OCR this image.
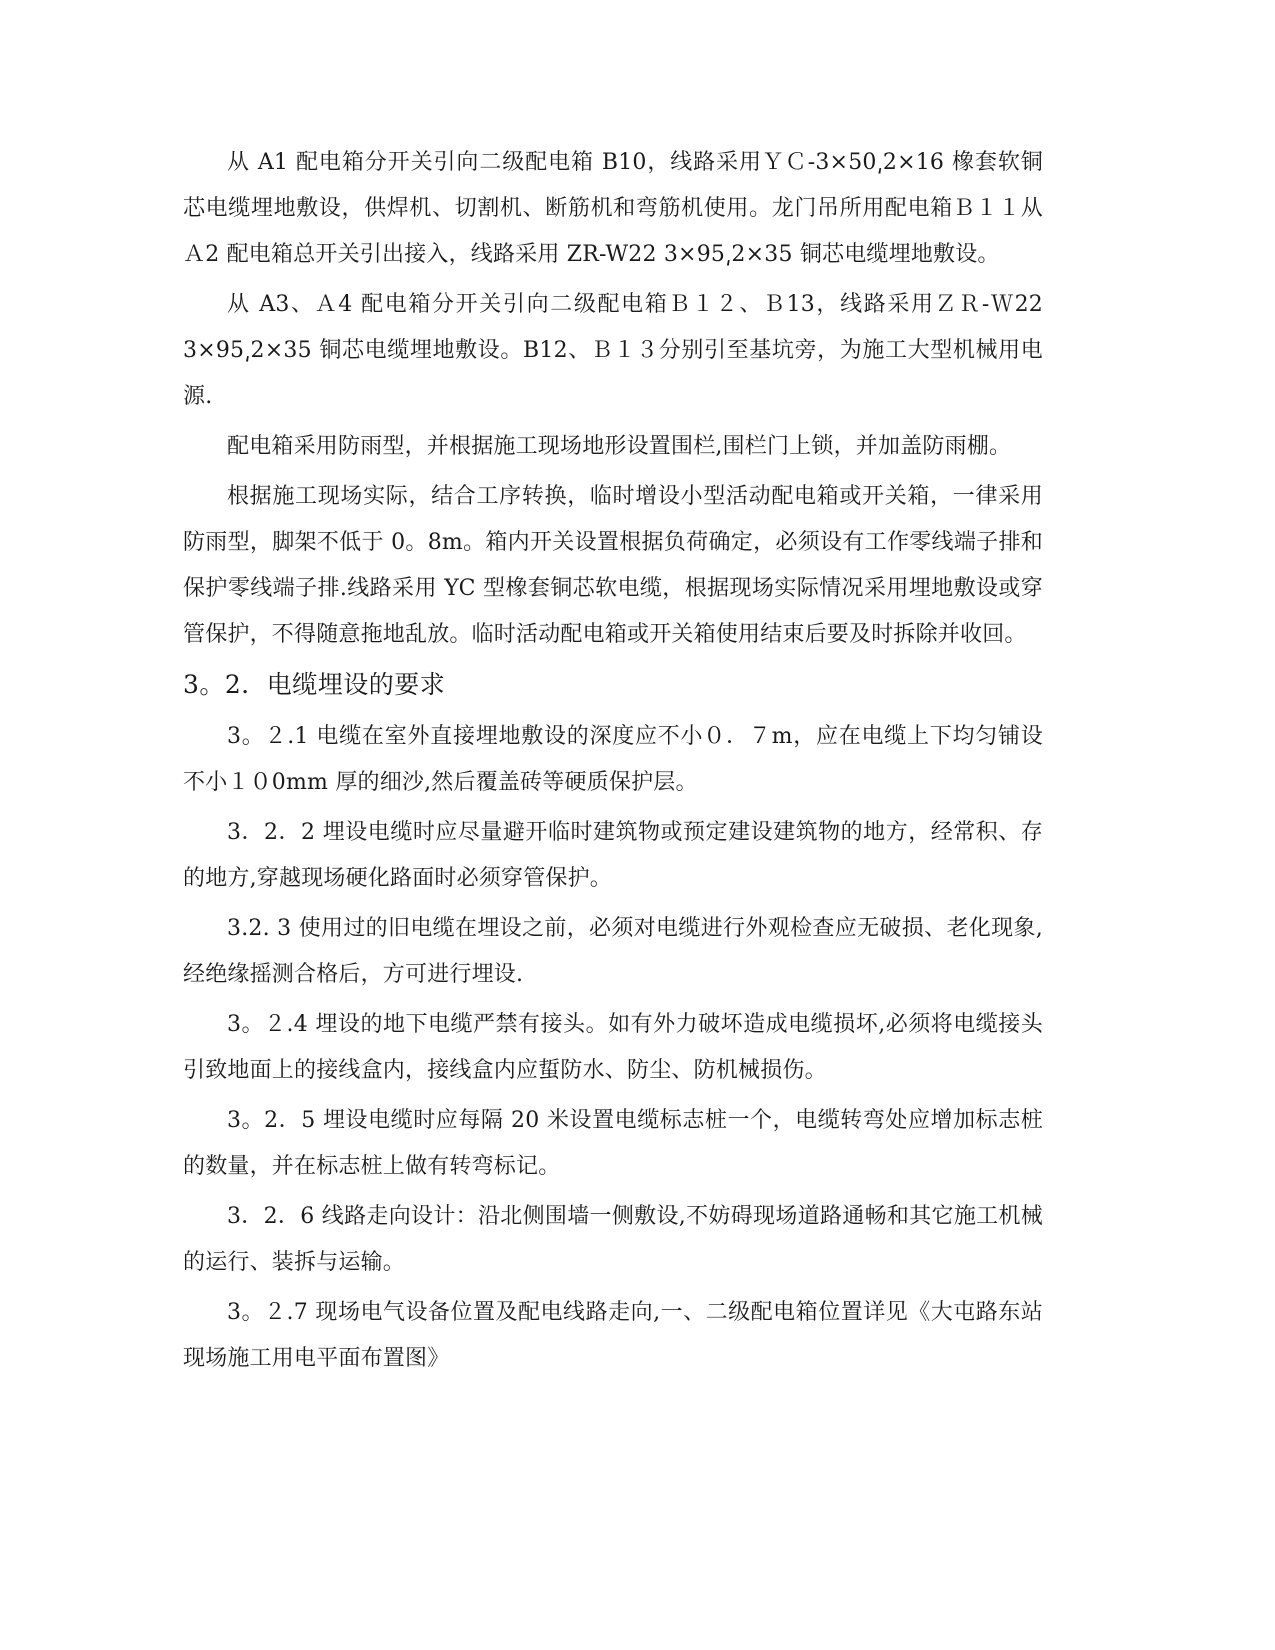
从 A1 配电箱分开关引向二级配电箱 B10，线路采用ＹＣ-3×50͵2×16 橡套软铜芯电缆埋地敷设，供焊机、切割机、断筋机和弯筋机使用。龙门吊所用配电箱Ｂ１１从Ａ2 配电箱总开关引出接入，线路采用 ZR-W22 3×95͵2×35 铜芯电缆埋地敷设。

从 A3、Ａ4 配电箱分开关引向二级配电箱Ｂ１２、Ｂ13，线路采用ＺＲ-Ｗ22 3×95͵2×35 铜芯电缆埋地敷设。B12、Ｂ１３分别引至基坑旁，为施工大型机械用电源.

配电箱采用防雨型，并根据施工现场地形设置围栏,围栏门上锁，并加盖防雨棚。

根据施工现场实际，结合工序转换，临时增设小型活动配电箱或开关箱，一律采用防雨型，脚架不低于 0。8m。箱内开关设置根据负荷确定，必须设有工作零线端子排和保护零线端子排.线路采用 YC 型橡套铜芯软电缆，根据现场实际情况采用埋地敷设或穿管保护，不得随意拖地乱放。临时活动配电箱或开关箱使用结束后要及时拆除并收回。

3。2．电缆埋设的要求

3。２.1 电缆在室外直接埋地敷设的深度应不小０．７m，应在电缆上下均匀铺设不小１０0mm 厚的细沙,然后覆盖砖等硬质保护层。

3．2．2 埋设电缆时应尽量避开临时建筑物或预定建设建筑物的地方，经常积、存的地方,穿越现场硬化路面时必须穿管保护。

3.2. 3 使用过的旧电缆在埋设之前，必须对电缆进行外观检查应无破损、老化现象,经绝缘摇测合格后，方可进行埋设.

3。２.4 埋设的地下电缆严禁有接头。如有外力破坏造成电缆损坏,必须将电缆接头引致地面上的接线盒内，接线盒内应蜇防水、防尘、防机械损伤。

3。2．5 埋设电缆时应每隔 20 米设置电缆标志桩一个，电缆转弯处应增加标志桩的数量，并在标志桩上做有转弯标记。

3．2．6 线路走向设计：沿北侧围墙一侧敷设,不妨碍现场道路通畅和其它施工机械的运行、装拆与运输。

3。２.7 现场电气设备位置及配电线路走向,一、二级配电箱位置详见《大屯路东站现场施工用电平面布置图》
